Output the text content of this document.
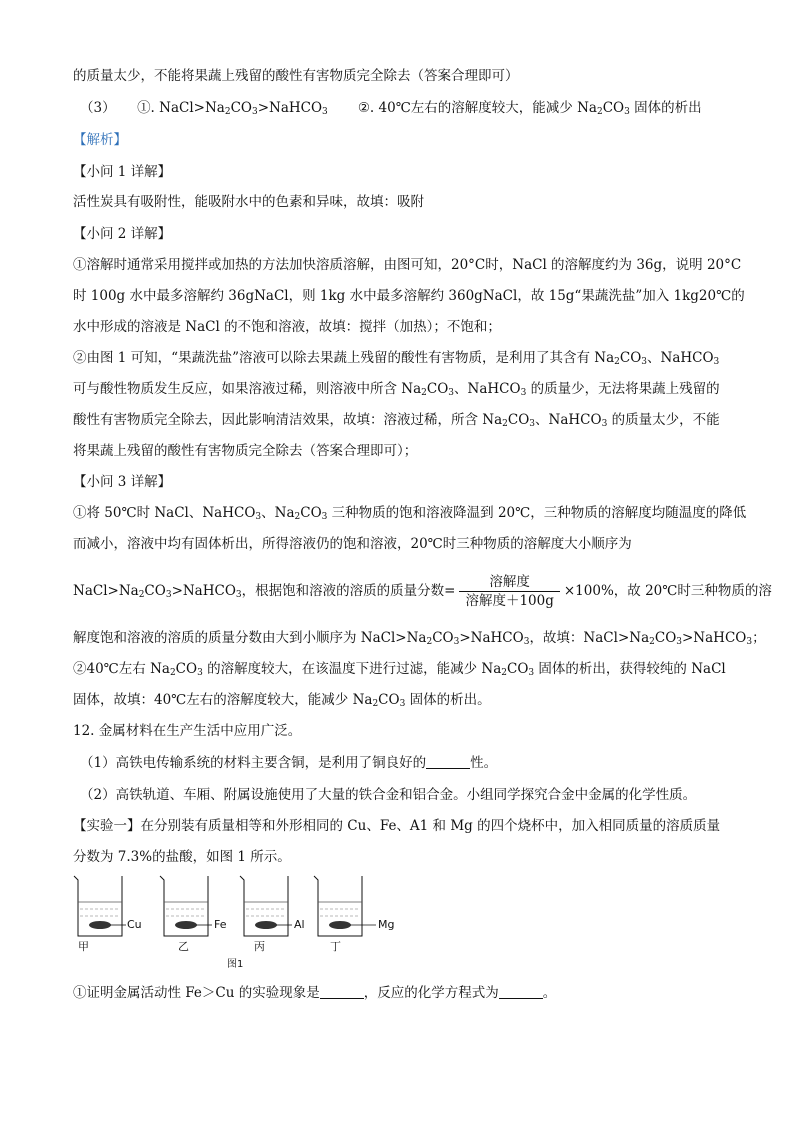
的质量太少，不能将果蔬上残留的酸性有害物质完全除去（答案合理即可）
（3） ①. $NaCl>Na_2CO_3>NaHCO_3$ ②. 40℃左右的溶解度较大，能减少 $Na_2CO_3$ 固体的析出
【解析】
【小问 1 详解】
活性炭具有吸附性，能吸附水中的色素和异味，故填：吸附
【小问 2 详解】
①溶解时通常采用搅拌或加热的方法加快溶质溶解，由图可知，20°C时，NaCl 的溶解度约为 36g，说明 20°C
时 100g 水中最多溶解约 36gNaCl，则 1kg 水中最多溶解约 360gNaCl，故 15g“果蔬洗盐”加入 1kg20℃的
水中形成的溶液是 NaCl 的不饱和溶液，故填：搅拌（加热）；不饱和；
②由图 1 可知，“果蔬洗盐”溶液可以除去果蔬上残留的酸性有害物质，是利用了其含有 $Na_2CO_3$、NaHCO$_3$
可与酸性物质发生反应，如果溶液过稀，则溶液中所含 $Na_2CO_3$、NaHCO$_3$ 的质量少，无法将果蔬上残留的
酸性有害物质完全除去，因此影响清洁效果，故填：溶液过稀，所含 $Na_2CO_3$、NaHCO$_3$ 的质量太少，不能
将果蔬上残留的酸性有害物质完全除去（答案合理即可）；
【小问 3 详解】
①将 50℃时 NaCl、NaHCO$_3$、$Na_2CO_3$ 三种物质的饱和溶液降温到 20℃，三种物质的溶解度均随温度的降低
而减小，溶液中均有固体析出，所得溶液仍的饱和溶液，20℃时三种物质的溶解度大小顺序为
$NaCl>Na_2CO_3>NaHCO_3$，根据饱和溶液的溶质的质量分数= $\frac{\text{溶解度}}{\text{溶解度＋100g}} \times 100\%$，故 20℃时三种物质的溶
解度饱和溶液的溶质的质量分数由大到小顺序为 $NaCl>Na_2CO_3>NaHCO_3$，故填：$NaCl>Na_2CO_3>NaHCO_3$；
②40℃左右 $Na_2CO_3$ 的溶解度较大，在该温度下进行过滤，能减少 $Na_2CO_3$ 固体的析出，获得较纯的 NaCl
固体，故填：40℃左右的溶解度较大，能减少 $Na_2CO_3$ 固体的析出。
12. 金属材料在生产生活中应用广泛。
（1）高铁电传输系统的材料主要含铜，是利用了铜良好的	性。
（2）高铁轨道、车厢、附属设施使用了大量的铁合金和铝合金。小组同学探究合金中金属的化学性质。
【实验一】在分别装有质量相等和外形相同的 Cu、Fe、A1 和 Mg 的四个烧杯中，加入相同质量的溶质质量
分数为 7.3%的盐酸，如图 1 所示。
Cu	Fe	Al	Mg
甲	乙	丙	丁
图1
①证明金属活动性 Fe＞Cu 的实验现象是	，反应的化学方程式为	。
